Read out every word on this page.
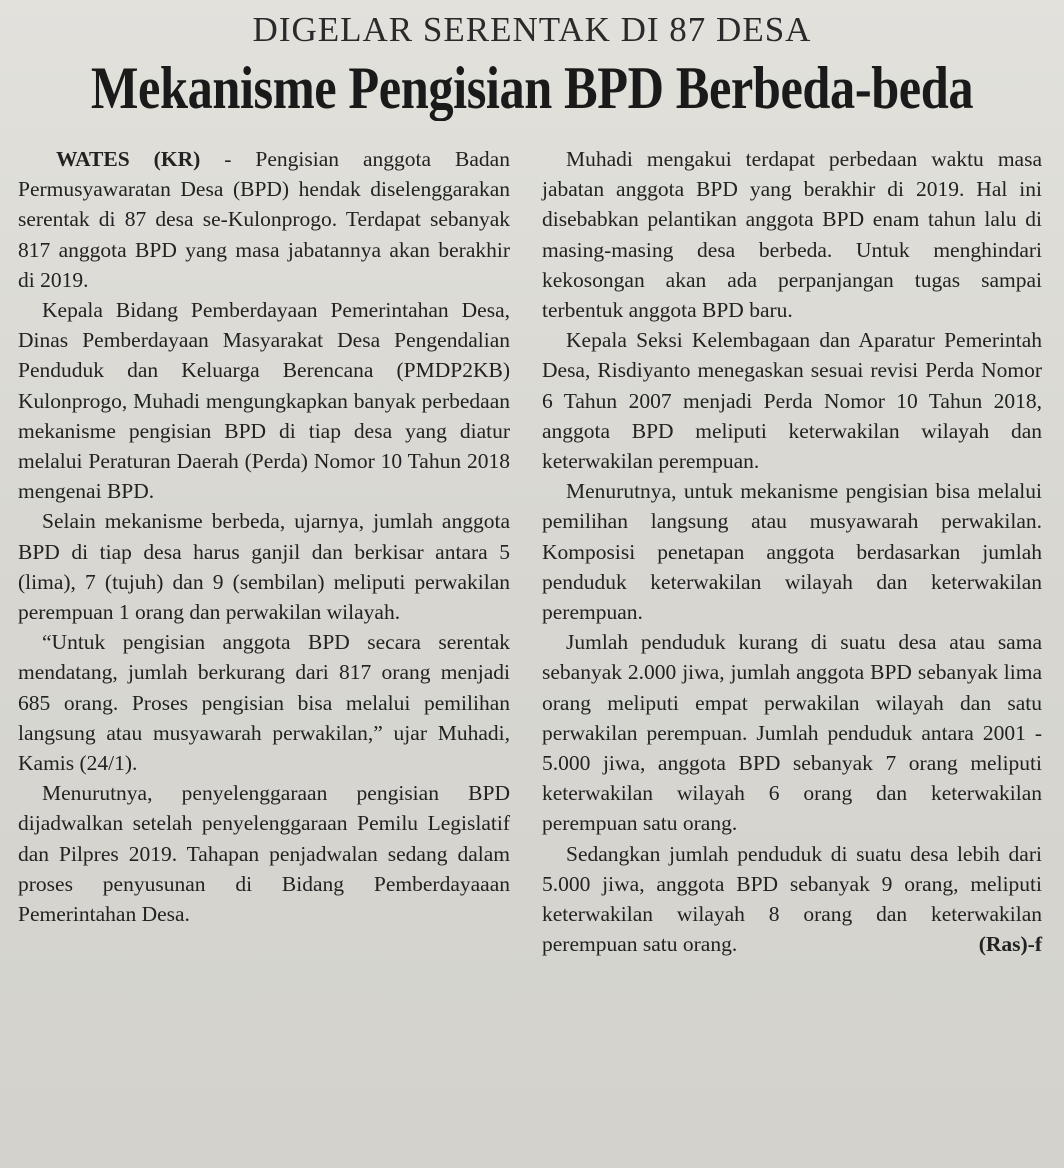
DIGELAR SERENTAK DI 87 DESA
Mekanisme Pengisian BPD Berbeda-beda

WATES (KR) - Pengisian anggota Badan Permusyawaratan Desa (BPD) hendak diselenggarakan serentak di 87 desa se-Kulonprogo. Terdapat sebanyak 817 anggota BPD yang masa jabatannya akan berakhir di 2019.

Kepala Bidang Pemberdayaan Pemerintahan Desa, Dinas Pemberdayaan Masyarakat Desa Pengendalian Penduduk dan Keluarga Berencana (PMDP2KB) Kulonprogo, Muhadi mengungkapkan banyak perbedaan mekanisme pengisian BPD di tiap desa yang diatur melalui Peraturan Daerah (Perda) Nomor 10 Tahun 2018 mengenai BPD.

Selain mekanisme berbeda, ujarnya, jumlah anggota BPD di tiap desa harus ganjil dan berkisar antara 5 (lima), 7 (tujuh) dan 9 (sembilan) meliputi perwakilan perempuan 1 orang dan perwakilan wilayah.

“Untuk pengisian anggota BPD secara serentak mendatang, jumlah berkurang dari 817 orang menjadi 685 orang. Proses pengisian bisa melalui pemilihan langsung atau musyawarah perwakilan,” ujar Muhadi, Kamis (24/1).

Menurutnya, penyelenggaraan pengisian BPD dijadwalkan setelah penyelenggaraan Pemilu Legislatif dan Pilpres 2019. Tahapan penjadwalan sedang dalam proses penyusunan di Bidang Pemberdayaaan Pemerintahan Desa.

Muhadi mengakui terdapat perbedaan waktu masa jabatan anggota BPD yang berakhir di 2019. Hal ini disebabkan pelantikan anggota BPD enam tahun lalu di masing-masing desa berbeda. Untuk menghindari kekosongan akan ada perpanjangan tugas sampai terbentuk anggota BPD baru.

Kepala Seksi Kelembagaan dan Aparatur Pemerintah Desa, Risdiyanto menegaskan sesuai revisi Perda Nomor 6 Tahun 2007 menjadi Perda Nomor 10 Tahun 2018, anggota BPD meliputi keterwakilan wilayah dan keterwakilan perempuan.

Menurutnya, untuk mekanisme pengisian bisa melalui pemilihan langsung atau musyawarah perwakilan. Komposisi penetapan anggota berdasarkan jumlah penduduk keterwakilan wilayah dan keterwakilan perempuan.

Jumlah penduduk kurang di suatu desa atau sama sebanyak 2.000 jiwa, jumlah anggota BPD sebanyak lima orang meliputi empat perwakilan wilayah dan satu perwakilan perempuan. Jumlah penduduk antara 2001 - 5.000 jiwa, anggota BPD sebanyak 7 orang meliputi keterwakilan wilayah 6 orang dan keterwakilan perempuan satu orang.

Sedangkan jumlah penduduk di suatu desa lebih dari 5.000 jiwa, anggota BPD sebanyak 9 orang, meliputi keterwakilan wilayah 8 orang dan keterwakilan perempuan satu orang.	(Ras)-f
